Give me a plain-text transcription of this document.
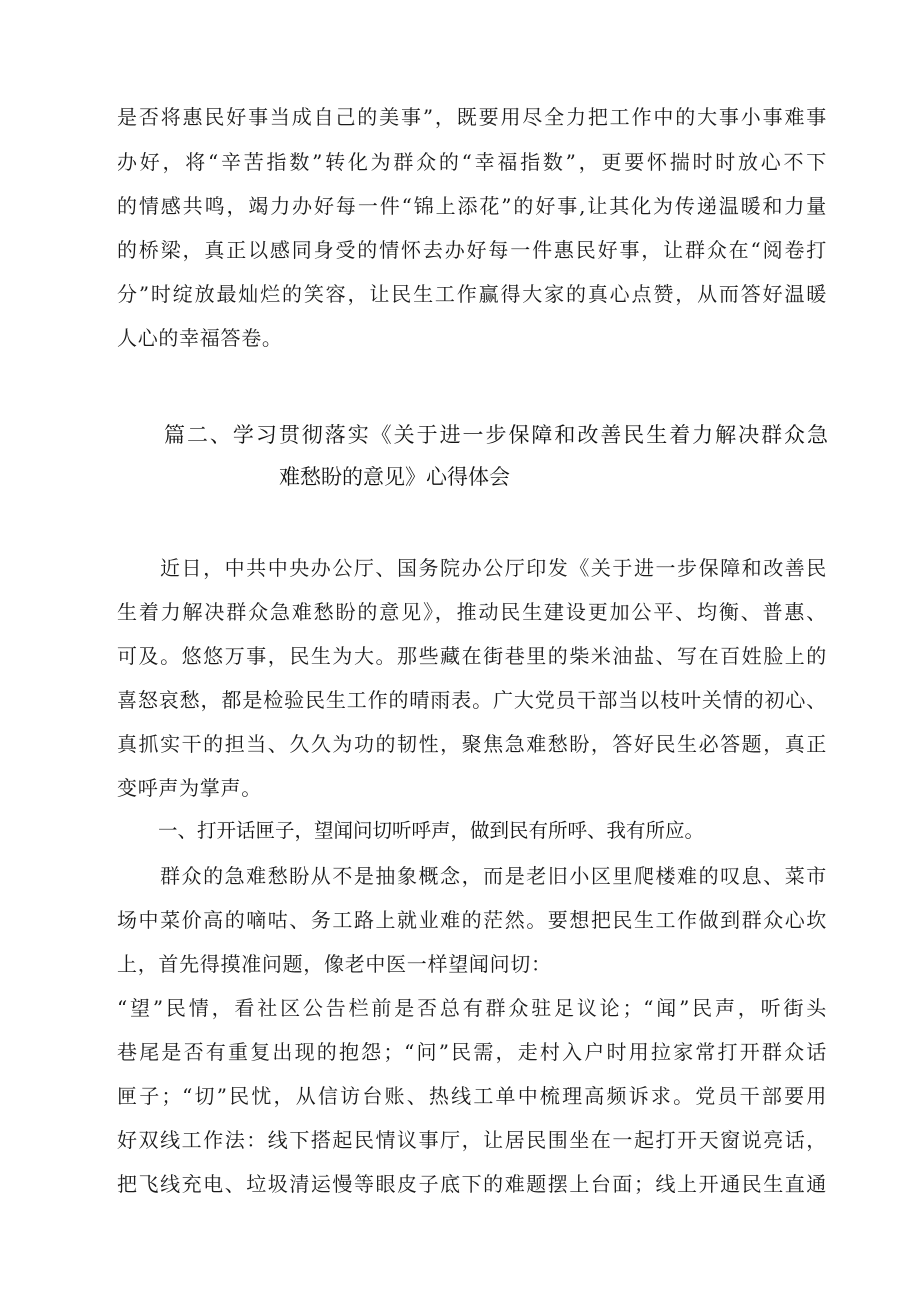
是否将惠民好事当成自己的美事”，既要用尽全力把工作中的大事小事难事
办好，将“辛苦指数”转化为群众的“幸福指数”，更要怀揣时时放心不下
的情感共鸣，竭力办好每一件“锦上添花”的好事,让其化为传递温暖和力量
的桥梁，真正以感同身受的情怀去办好每一件惠民好事，让群众在“阅卷打
分”时绽放最灿烂的笑容，让民生工作赢得大家的真心点赞，从而答好温暖
人心的幸福答卷。
篇二、学习贯彻落实《关于进一步保障和改善民生着力解决群众急
难愁盼的意见》心得体会
近日，中共中央办公厅、国务院办公厅印发《关于进一步保障和改善民
生着力解决群众急难愁盼的意见》，推动民生建设更加公平、均衡、普惠、
可及。悠悠万事，民生为大。那些藏在街巷里的柴米油盐、写在百姓脸上的
喜怒哀愁，都是检验民生工作的晴雨表。广大党员干部当以枝叶关情的初心、
真抓实干的担当、久久为功的韧性，聚焦急难愁盼，答好民生必答题，真正
变呼声为掌声。
一、打开话匣子，望闻问切听呼声，做到民有所呼、我有所应。
群众的急难愁盼从不是抽象概念，而是老旧小区里爬楼难的叹息、菜市
场中菜价高的嘀咕、务工路上就业难的茫然。要想把民生工作做到群众心坎
上，首先得摸准问题，像老中医一样望闻问切：
“望”民情，看社区公告栏前是否总有群众驻足议论；“闻”民声，听街头
巷尾是否有重复出现的抱怨；“问”民需，走村入户时用拉家常打开群众话
匣子；“切”民忧，从信访台账、热线工单中梳理高频诉求。党员干部要用
好双线工作法：线下搭起民情议事厅，让居民围坐在一起打开天窗说亮话，
把飞线充电、垃圾清运慢等眼皮子底下的难题摆上台面；线上开通民生直通
